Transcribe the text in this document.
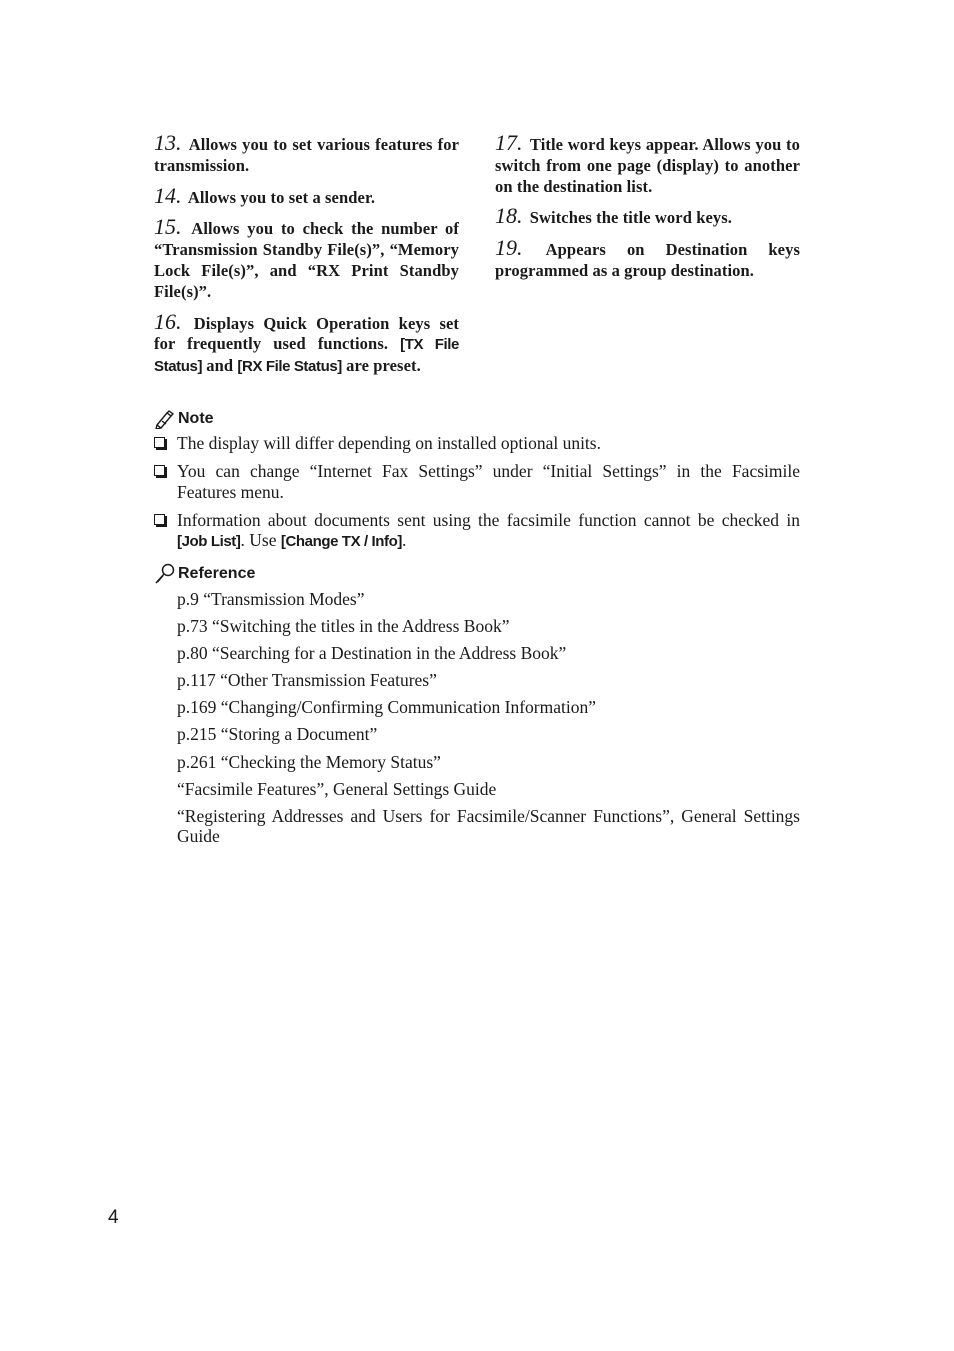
13. Allows you to set various features for transmission.

14. Allows you to set a sender.

15. Allows you to check the number of “Transmission Standby File(s)”, “Memory Lock File(s)”, and “RX Print Standby File(s)”.

16. Displays Quick Operation keys set for frequently used functions. [TX File Status] and [RX File Status] are preset.

17. Title word keys appear. Allows you to switch from one page (display) to another on the destination list.

18. Switches the title word keys.

19. Appears on Destination keys programmed as a group destination.

Note
The display will differ depending on installed optional units.
You can change “Internet Fax Settings” under “Initial Settings” in the Facsimile Features menu.
Information about documents sent using the facsimile function cannot be checked in [Job List]. Use [Change TX / Info].
Reference
p.9 “Transmission Modes”
p.73 “Switching the titles in the Address Book”
p.80 “Searching for a Destination in the Address Book”
p.117 “Other Transmission Features”
p.169 “Changing/Confirming Communication Information”
p.215 “Storing a Document”
p.261 “Checking the Memory Status”
“Facsimile Features”, General Settings Guide
“Registering Addresses and Users for Facsimile/Scanner Functions”, General Settings Guide
4
